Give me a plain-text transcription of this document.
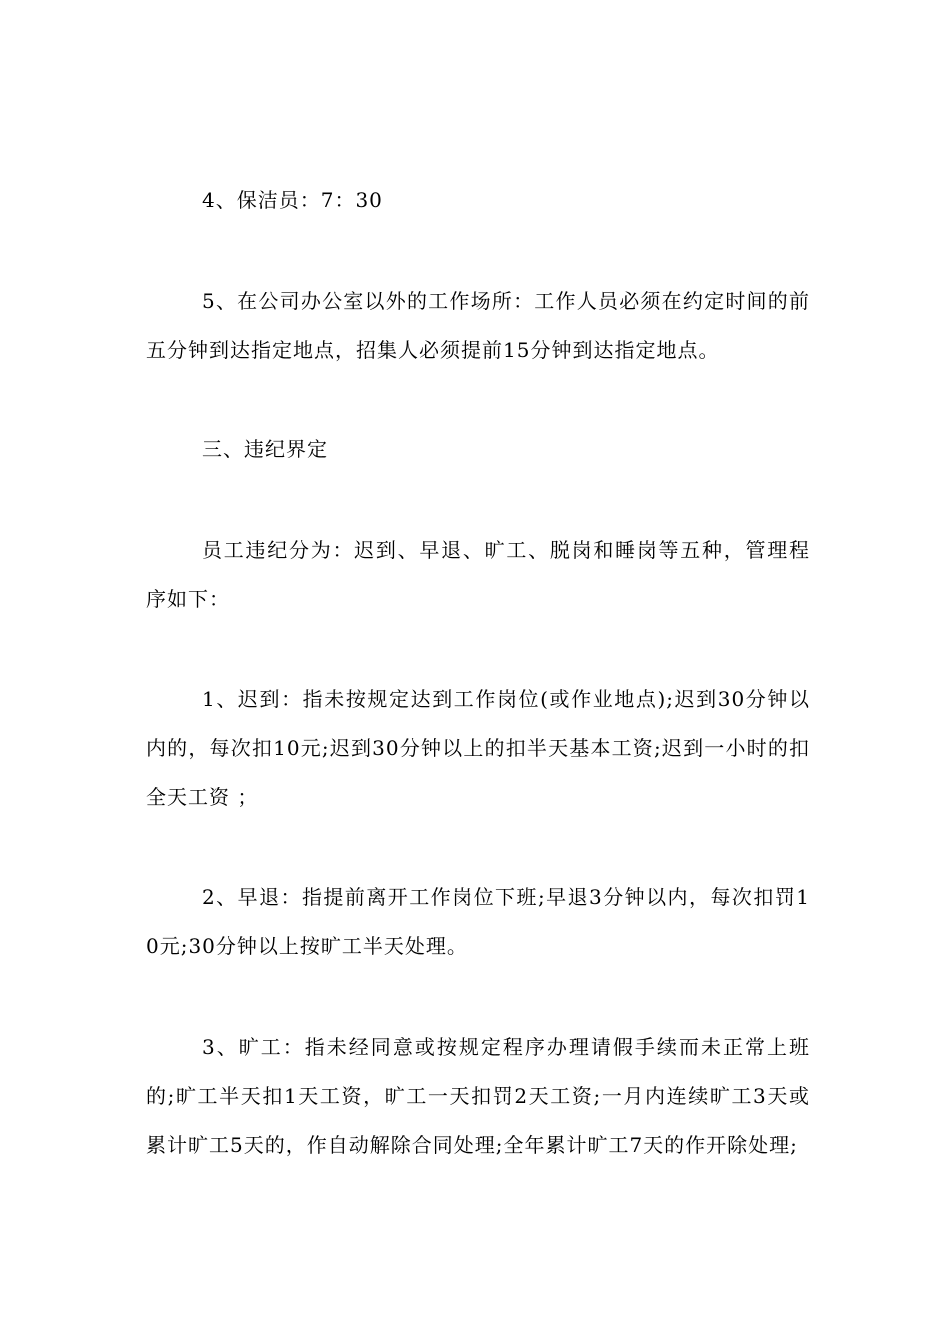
4、保洁员：7：30

5、在公司办公室以外的工作场所：工作人员必须在约定时间的前五分钟到达指定地点，招集人必须提前15分钟到达指定地点。

三、违纪界定

员工违纪分为：迟到、早退、旷工、脱岗和睡岗等五种，管理程序如下：

1、迟到：指未按规定达到工作岗位(或作业地点);迟到30分钟以内的，每次扣10元;迟到30分钟以上的扣半天基本工资;迟到一小时的扣全天工资 ；

2、早退：指提前离开工作岗位下班;早退3分钟以内，每次扣罚10元;30分钟以上按旷工半天处理。

3、旷工：指未经同意或按规定程序办理请假手续而未正常上班的;旷工半天扣1天工资，旷工一天扣罚2天工资;一月内连续旷工3天或累计旷工5天的，作自动解除合同处理;全年累计旷工7天的作开除处理;
